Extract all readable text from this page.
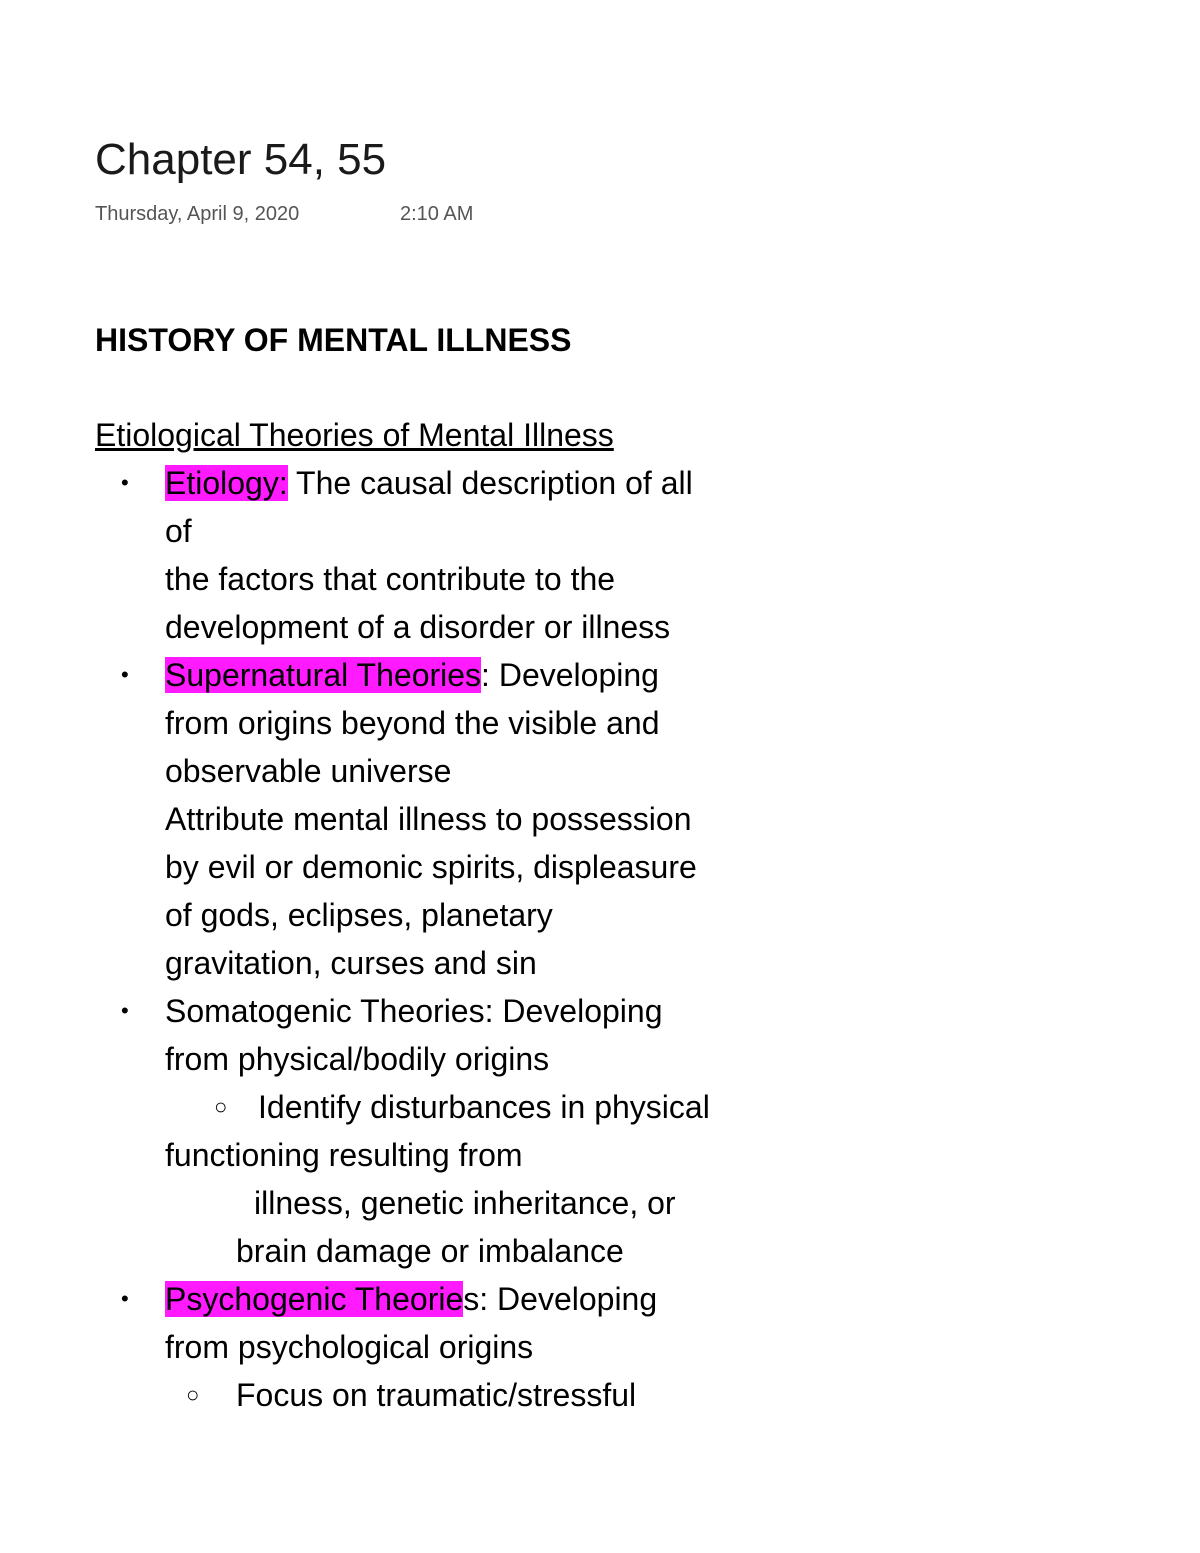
Chapter 54, 55
Thursday, April 9, 2020	2:10 AM
HISTORY OF MENTAL ILLNESS
Etiological Theories of Mental Illness
• Etiology: The causal description of all
of
the factors that contribute to the
development of a disorder or illness
• Supernatural Theories: Developing
from origins beyond the visible and
observable universe
Attribute mental illness to possession
by evil or demonic spirits, displeasure
of gods, eclipses, planetary
gravitation, curses and sin
• Somatogenic Theories: Developing
from physical/bodily origins
○ Identify disturbances in physical
functioning resulting from
illness, genetic inheritance, or
brain damage or imbalance
• Psychogenic Theories: Developing
from psychological origins
○ Focus on traumatic/stressful
